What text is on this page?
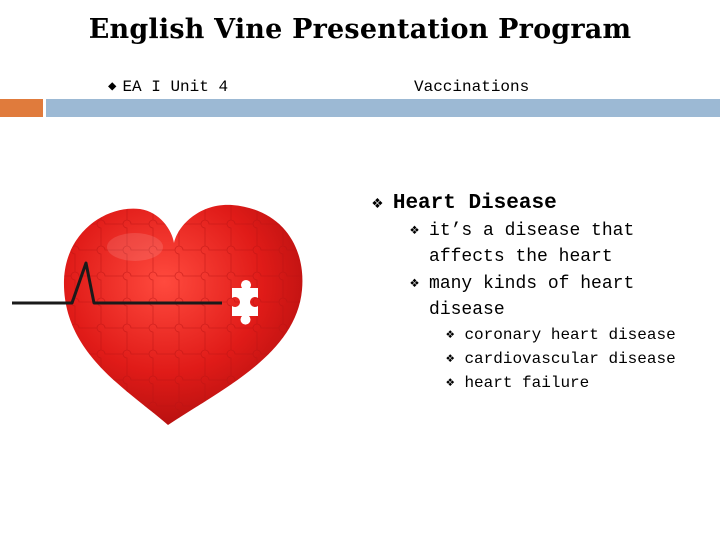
English Vine Presentation Program
◆ EA I Unit 4	Vaccinations
❖ Heart Disease
❖ it’s a disease that affects the heart
❖ many kinds of heart disease
❖ coronary heart disease
❖ cardiovascular disease
❖ heart failure
